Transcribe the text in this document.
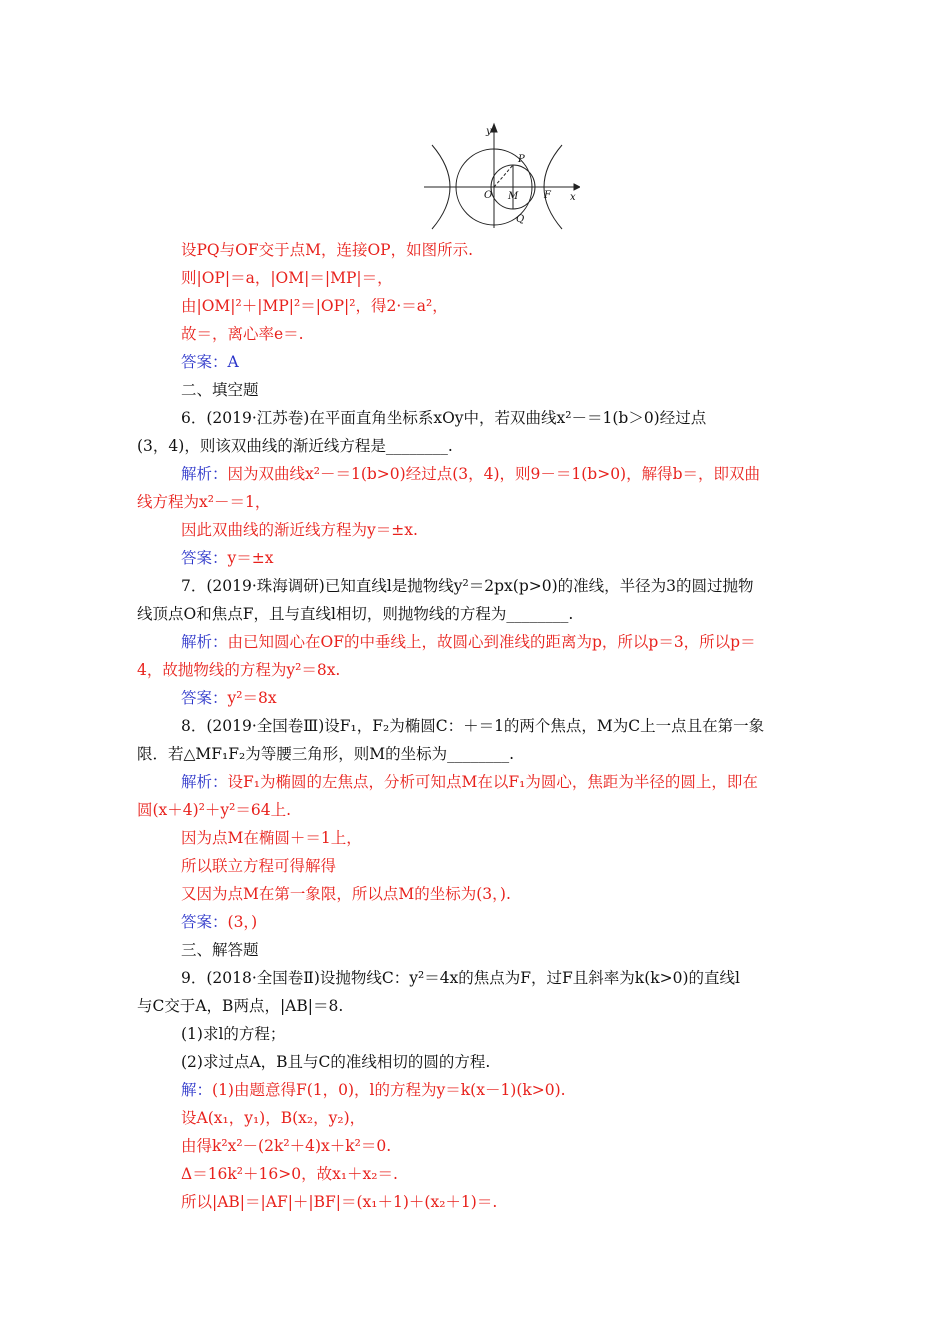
y
x
P
Q
O M	F
设PQ与OF交于点M，连接OP，如图所示.
则|OP|＝a，|OM|＝|MP|＝，
由|OM|²＋|MP|²＝|OP|²，得2·＝a²，
故＝，离心率e＝.
答案：A
二、填空题
6．(2019·江苏卷)在平面直角坐标系xOy中，若双曲线x²－＝1(b＞0)经过点
(3，4)，则该双曲线的渐近线方程是________.
解析：因为双曲线x²－＝1(b>0)经过点(3，4)，则9－＝1(b>0)，解得b＝，即双曲
线方程为x²－＝1，
因此双曲线的渐近线方程为y＝±x.
答案：y＝±x
7．(2019·珠海调研)已知直线l是抛物线y²＝2px(p>0)的准线，半径为3的圆过抛物
线顶点O和焦点F，且与直线l相切，则抛物线的方程为________.
解析：由已知圆心在OF的中垂线上，故圆心到准线的距离为p，所以p＝3，所以p＝
4，故抛物线的方程为y²＝8x.
答案：y²＝8x
8．(2019·全国卷Ⅲ)设F₁，F₂为椭圆C：＋＝1的两个焦点，M为C上一点且在第一象
限．若△MF₁F₂为等腰三角形，则M的坐标为________.
解析：设F₁为椭圆的左焦点，分析可知点M在以F₁为圆心，焦距为半径的圆上，即在
圆(x＋4)²＋y²＝64上.
因为点M在椭圆＋＝1上，
所以联立方程可得解得
又因为点M在第一象限，所以点M的坐标为(3，).
答案：(3，)
三、解答题
9．(2018·全国卷Ⅱ)设抛物线C：y²＝4x的焦点为F，过F且斜率为k(k>0)的直线l
与C交于A，B两点，|AB|＝8.
(1)求l的方程；
(2)求过点A，B且与C的准线相切的圆的方程.
解：(1)由题意得F(1，0)，l的方程为y＝k(x－1)(k>0).
设A(x₁，y₁)，B(x₂，y₂)，
由得k²x²－(2k²＋4)x＋k²＝0.
Δ＝16k²＋16>0，故x₁＋x₂＝.
所以|AB|＝|AF|＋|BF|＝(x₁＋1)＋(x₂＋1)＝.
